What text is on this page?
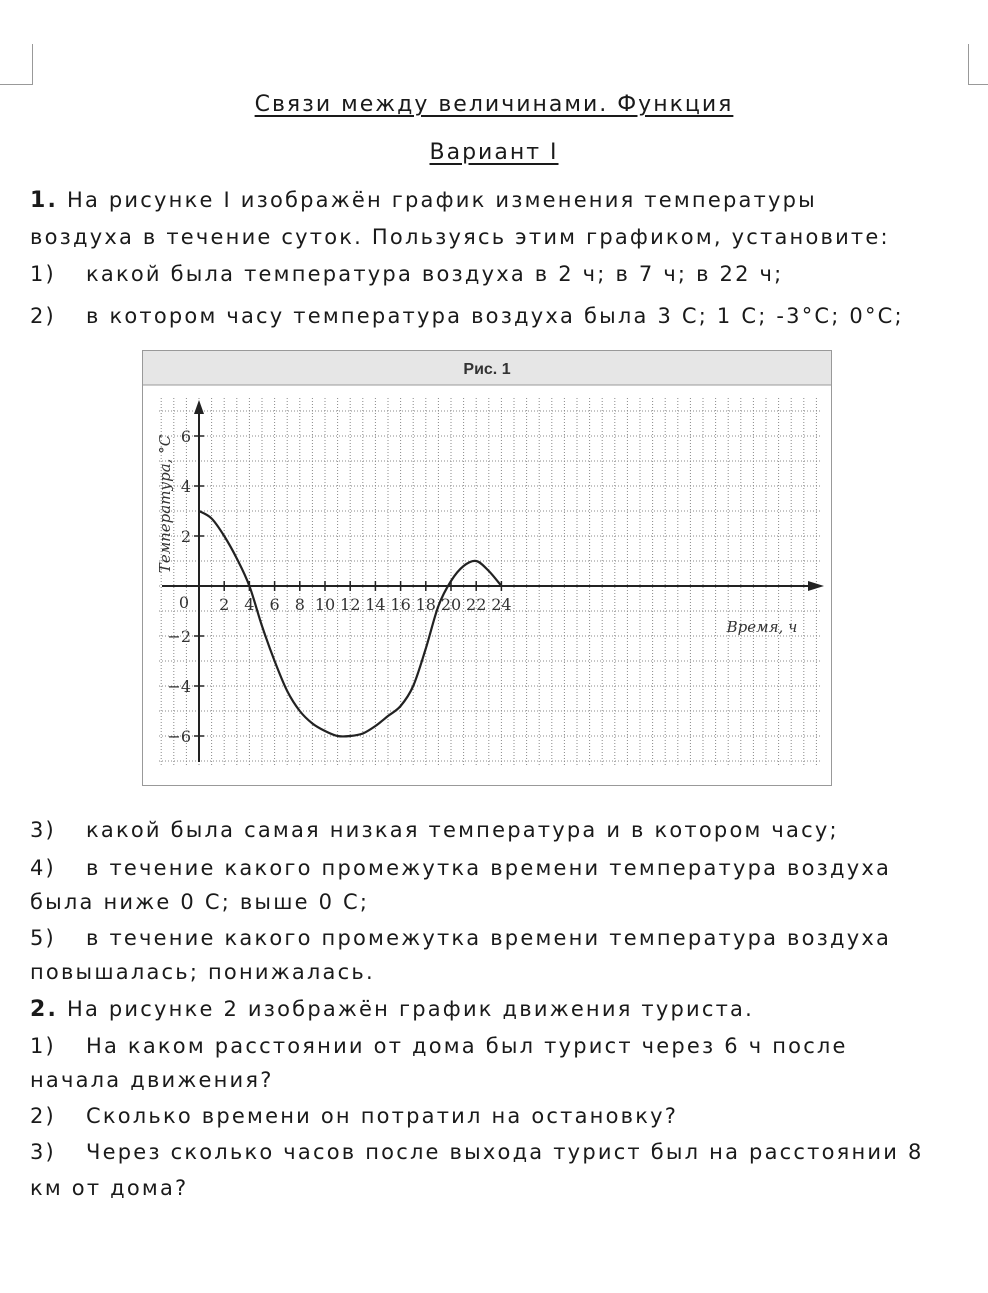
Связи между величинами. Функция
Вариант I
1. На рисунке I изображён график изменения температуры
воздуха в течение суток. Пользуясь этим графиком, установите:
1) какой была температура воздуха в 2 ч; в 7 ч; в 22 ч;
2) в котором часу температура воздуха была 3 С; 1 С; -3°С; 0°С;
Рис. 1
2 4 6 8 10 12 14 16 18 20 22 24
6
4
2
−2
−4
−6
0
Время, ч
Температура, °С
3) какой была самая низкая температура и в котором часу;
4) в течение какого промежутка времени температура воздуха
была ниже 0 С; выше 0 С;
5) в течение какого промежутка времени температура воздуха
повышалась; понижалась.
2. На рисунке 2 изображён график движения туриста.
1) На каком расстоянии от дома был турист через 6 ч после
начала движения?
2) Сколько времени он потратил на остановку?
3) Через сколько часов после выхода турист был на расстоянии 8
км от дома?
